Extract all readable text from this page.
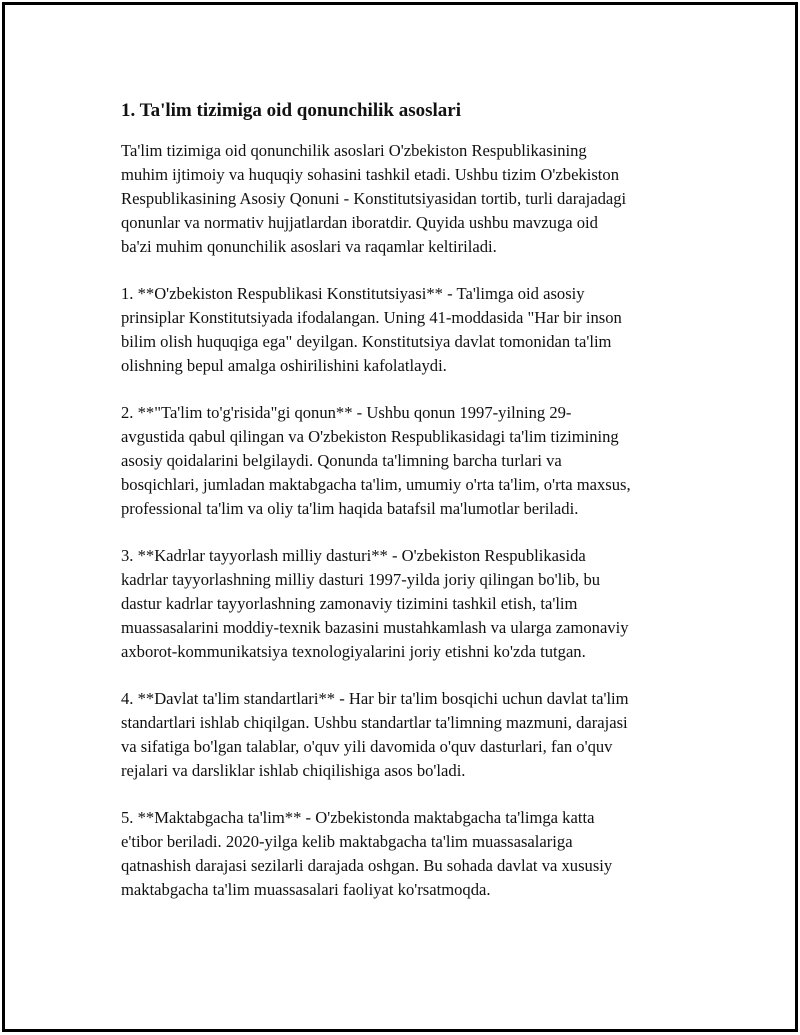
1. Ta'lim tizimiga oid qonunchilik asoslari

Ta'lim tizimiga oid qonunchilik asoslari O'zbekiston Respublikasining
muhim ijtimoiy va huquqiy sohasini tashkil etadi. Ushbu tizim O'zbekiston
Respublikasining Asosiy Qonuni - Konstitutsiyasidan tortib, turli darajadagi
qonunlar va normativ hujjatlardan iboratdir. Quyida ushbu mavzuga oid
ba'zi muhim qonunchilik asoslari va raqamlar keltiriladi.

1. **O'zbekiston Respublikasi Konstitutsiyasi** - Ta'limga oid asosiy
prinsiplar Konstitutsiyada ifodalangan. Uning 41-moddasida "Har bir inson
bilim olish huquqiga ega" deyilgan. Konstitutsiya davlat tomonidan ta'lim
olishning bepul amalga oshirilishini kafolatlaydi.

2. **"Ta'lim to'g'risida"gi qonun** - Ushbu qonun 1997-yilning 29-
avgustida qabul qilingan va O'zbekiston Respublikasidagi ta'lim tizimining
asosiy qoidalarini belgilaydi. Qonunda ta'limning barcha turlari va
bosqichlari, jumladan maktabgacha ta'lim, umumiy o'rta ta'lim, o'rta maxsus,
professional ta'lim va oliy ta'lim haqida batafsil ma'lumotlar beriladi.

3. **Kadrlar tayyorlash milliy dasturi** - O'zbekiston Respublikasida
kadrlar tayyorlashning milliy dasturi 1997-yilda joriy qilingan bo'lib, bu
dastur kadrlar tayyorlashning zamonaviy tizimini tashkil etish, ta'lim
muassasalarini moddiy-texnik bazasini mustahkamlash va ularga zamonaviy
axborot-kommunikatsiya texnologiyalarini joriy etishni ko'zda tutgan.

4. **Davlat ta'lim standartlari** - Har bir ta'lim bosqichi uchun davlat ta'lim
standartlari ishlab chiqilgan. Ushbu standartlar ta'limning mazmuni, darajasi
va sifatiga bo'lgan talablar, o'quv yili davomida o'quv dasturlari, fan o'quv
rejalari va darsliklar ishlab chiqilishiga asos bo'ladi.

5. **Maktabgacha ta'lim** - O'zbekistonda maktabgacha ta'limga katta
e'tibor beriladi. 2020-yilga kelib maktabgacha ta'lim muassasalariga
qatnashish darajasi sezilarli darajada oshgan. Bu sohada davlat va xususiy
maktabgacha ta'lim muassasalari faoliyat ko'rsatmoqda.
